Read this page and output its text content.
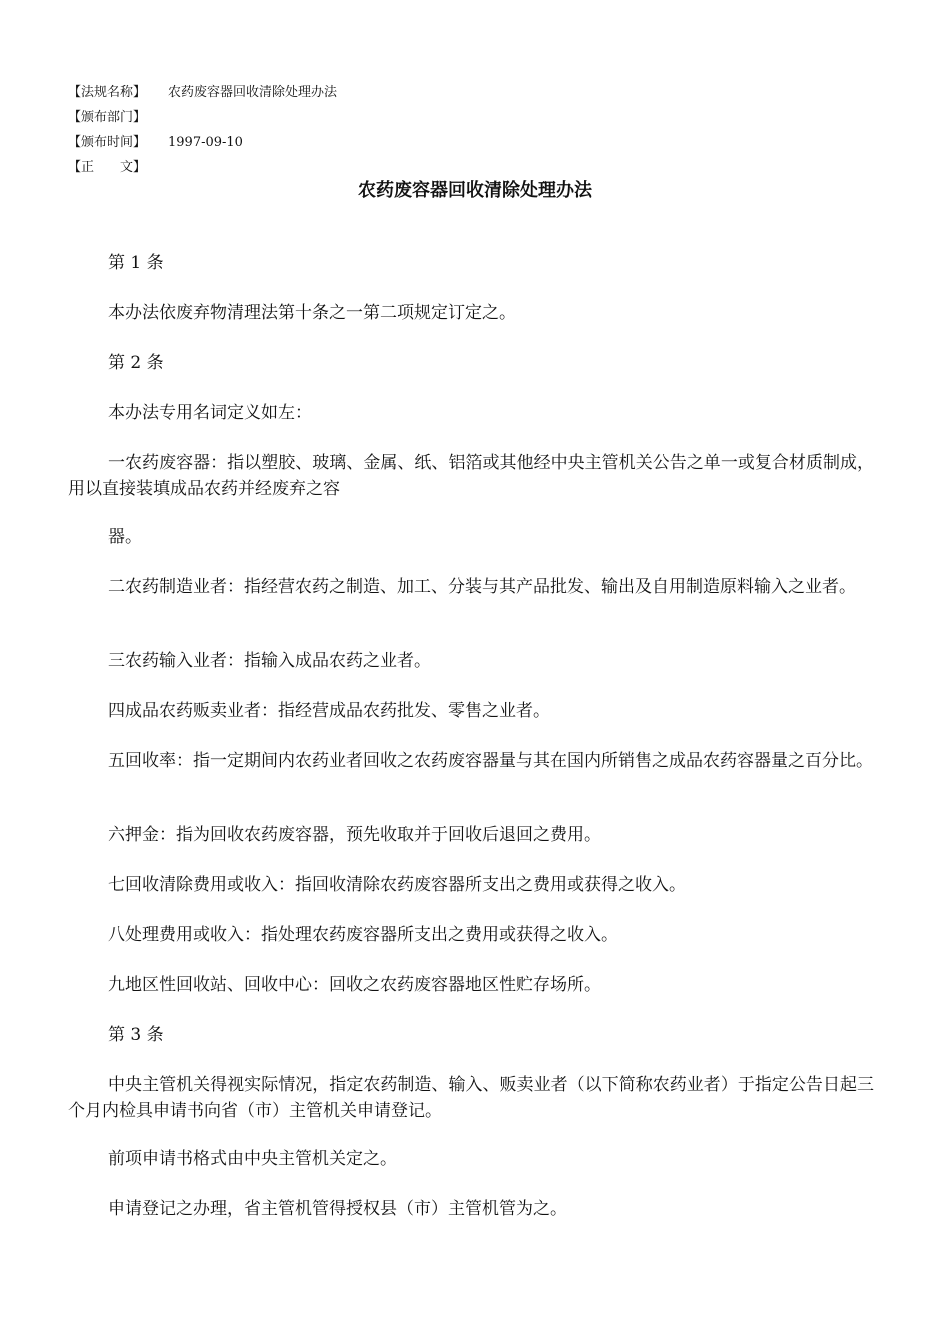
【法规名称】 农药废容器回收清除处理办法
【颁布部门】
【颁布时间】 1997-09-10
【正　　文】
农药废容器回收清除处理办法

第 1 条

本办法依废弃物清理法第十条之一第二项规定订定之。

第 2 条

本办法专用名词定义如左：

一农药废容器：指以塑胶、玻璃、金属、纸、铝箔或其他经中央主管机关公告之单一或复合材质制成，用以直接装填成品农药并经废弃之容

器。

二农药制造业者：指经营农药之制造、加工、分装与其产品批发、输出及自用制造原料输入之业者。

三农药输入业者：指输入成品农药之业者。

四成品农药贩卖业者：指经营成品农药批发、零售之业者。

五回收率：指一定期间内农药业者回收之农药废容器量与其在国内所销售之成品农药容器量之百分比。

六押金：指为回收农药废容器，预先收取并于回收后退回之费用。

七回收清除费用或收入：指回收清除农药废容器所支出之费用或获得之收入。

八处理费用或收入：指处理农药废容器所支出之费用或获得之收入。

九地区性回收站、回收中心：回收之农药废容器地区性贮存场所。

第 3 条

中央主管机关得视实际情况，指定农药制造、输入、贩卖业者（以下简称农药业者）于指定公告日起三个月内检具申请书向省（市）主管机关申请登记。

前项申请书格式由中央主管机关定之。

申请登记之办理，省主管机管得授权县（市）主管机管为之。
